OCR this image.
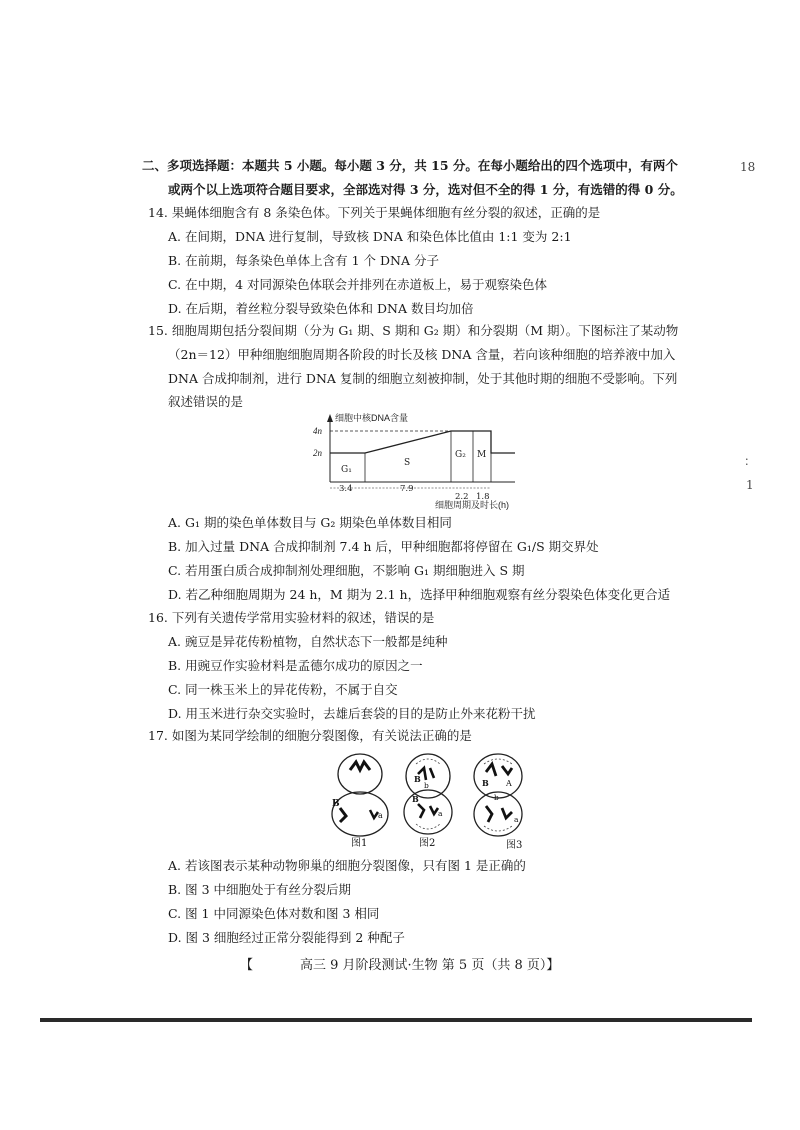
二、多项选择题：本题共 5 小题。每小题 3 分，共 15 分。在每小题给出的四个选项中，有两个
或两个以上选项符合题目要求，全部选对得 3 分，选对但不全的得 1 分，有选错的得 0 分。
14. 果蝇体细胞含有 8 条染色体。下列关于果蝇体细胞有丝分裂的叙述，正确的是
A. 在间期，DNA 进行复制，导致核 DNA 和染色体比值由 1:1 变为 2:1
B. 在前期，每条染色单体上含有 1 个 DNA 分子
C. 在中期，4 对同源染色体联会并排列在赤道板上，易于观察染色体
D. 在后期，着丝粒分裂导致染色体和 DNA 数目均加倍
15. 细胞周期包括分裂间期（分为 G₁ 期、S 期和 G₂ 期）和分裂期（M 期）。下图标注了某动物
（2n＝12）甲种细胞细胞周期各阶段的时长及核 DNA 含量，若向该种细胞的培养液中加入
DNA 合成抑制剂，进行 DNA 复制的细胞立刻被抑制，处于其他时期的细胞不受影响。下列
叙述错误的是
细胞中核DNA含量
4n
2n
G₁
S
G₂ M
3.4	7.9
2.2 1.8
细胞周期及时长(h)
A. G₁ 期的染色单体数目与 G₂ 期染色单体数目相同
B. 加入过量 DNA 合成抑制剂 7.4 h 后，甲种细胞都将停留在 G₁/S 期交界处
C. 若用蛋白质合成抑制剂处理细胞，不影响 G₁ 期细胞进入 S 期
D. 若乙种细胞周期为 24 h，M 期为 2.1 h，选择甲种细胞观察有丝分裂染色体变化更合适
16. 下列有关遗传学常用实验材料的叙述，错误的是
A. 豌豆是异花传粉植物，自然状态下一般都是纯种
B. 用豌豆作实验材料是孟德尔成功的原因之一
C. 同一株玉米上的异花传粉，不属于自交
D. 用玉米进行杂交实验时，去雄后套袋的目的是防止外来花粉干扰
17. 如图为某同学绘制的细胞分裂图像，有关说法正确的是
B
a
图1
B
b
B
a
图2
B A
b
a
图3
A. 若该图表示某种动物卵巢的细胞分裂图像，只有图 1 是正确的
B. 图 3 中细胞处于有丝分裂后期
C. 图 1 中同源染色体对数和图 3 相同
D. 图 3 细胞经过正常分裂能得到 2 种配子
【	高三 9 月阶段测试·生物 第 5 页（共 8 页）】
18
：
1
